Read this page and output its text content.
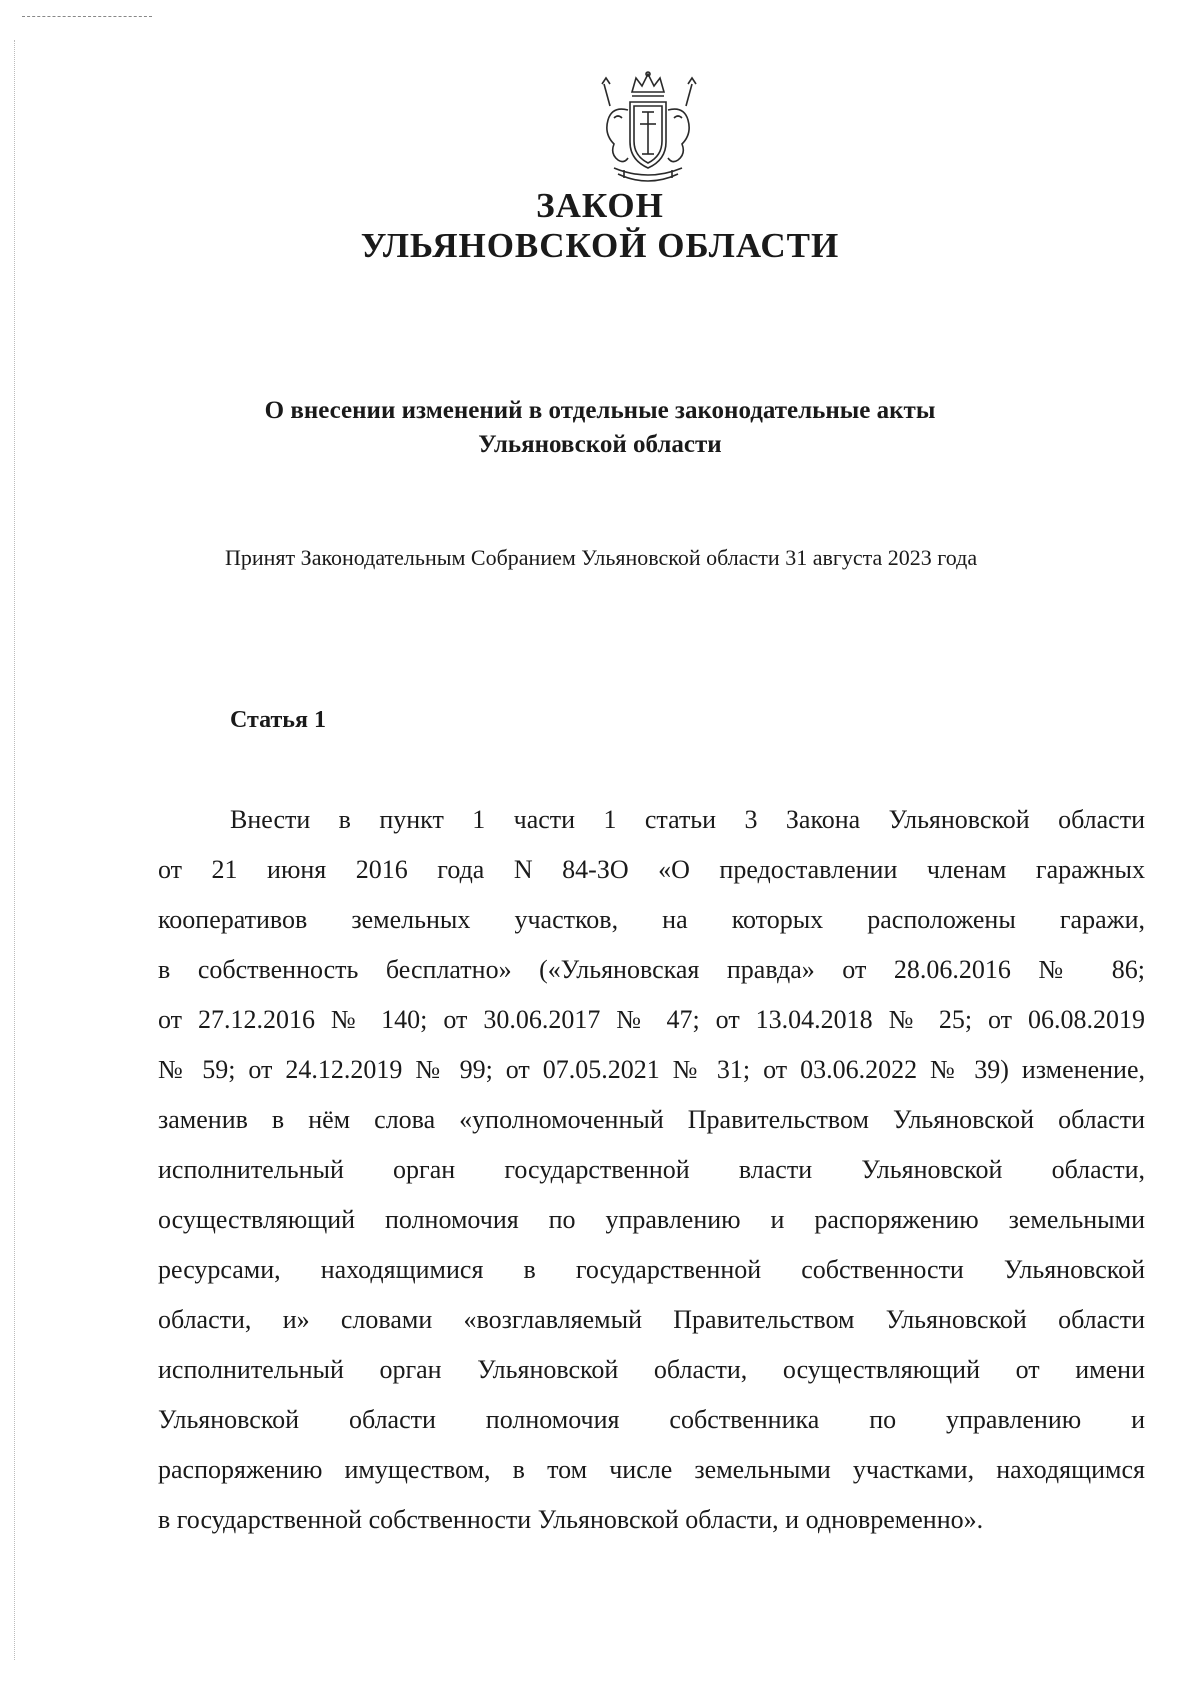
ЗАКОН
УЛЬЯНОВСКОЙ ОБЛАСТИ
О внесении изменений в отдельные законодательные акты
Ульяновской области
Принят Законодательным Собранием Ульяновской области 31 августа 2023 года
Статья 1
Внести в пункт 1 части 1 статьи 3 Закона Ульяновской области
от 21 июня 2016 года N 84-ЗО «О предоставлении членам гаражных
кооперативов земельных участков, на которых расположены гаражи,
в собственность бесплатно» («Ульяновская правда» от 28.06.2016 № 86;
от 27.12.2016 № 140; от 30.06.2017 № 47; от 13.04.2018 № 25; от 06.08.2019
№ 59; от 24.12.2019 № 99; от 07.05.2021 № 31; от 03.06.2022 № 39) изменение,
заменив в нём слова «уполномоченный Правительством Ульяновской области
исполнительный орган государственной власти Ульяновской области,
осуществляющий полномочия по управлению и распоряжению земельными
ресурсами, находящимися в государственной собственности Ульяновской
области, и» словами «возглавляемый Правительством Ульяновской области
исполнительный орган Ульяновской области, осуществляющий от имени
Ульяновской области полномочия собственника по управлению и
распоряжению имуществом, в том числе земельными участками, находящимся
в государственной собственности Ульяновской области, и одновременно».
